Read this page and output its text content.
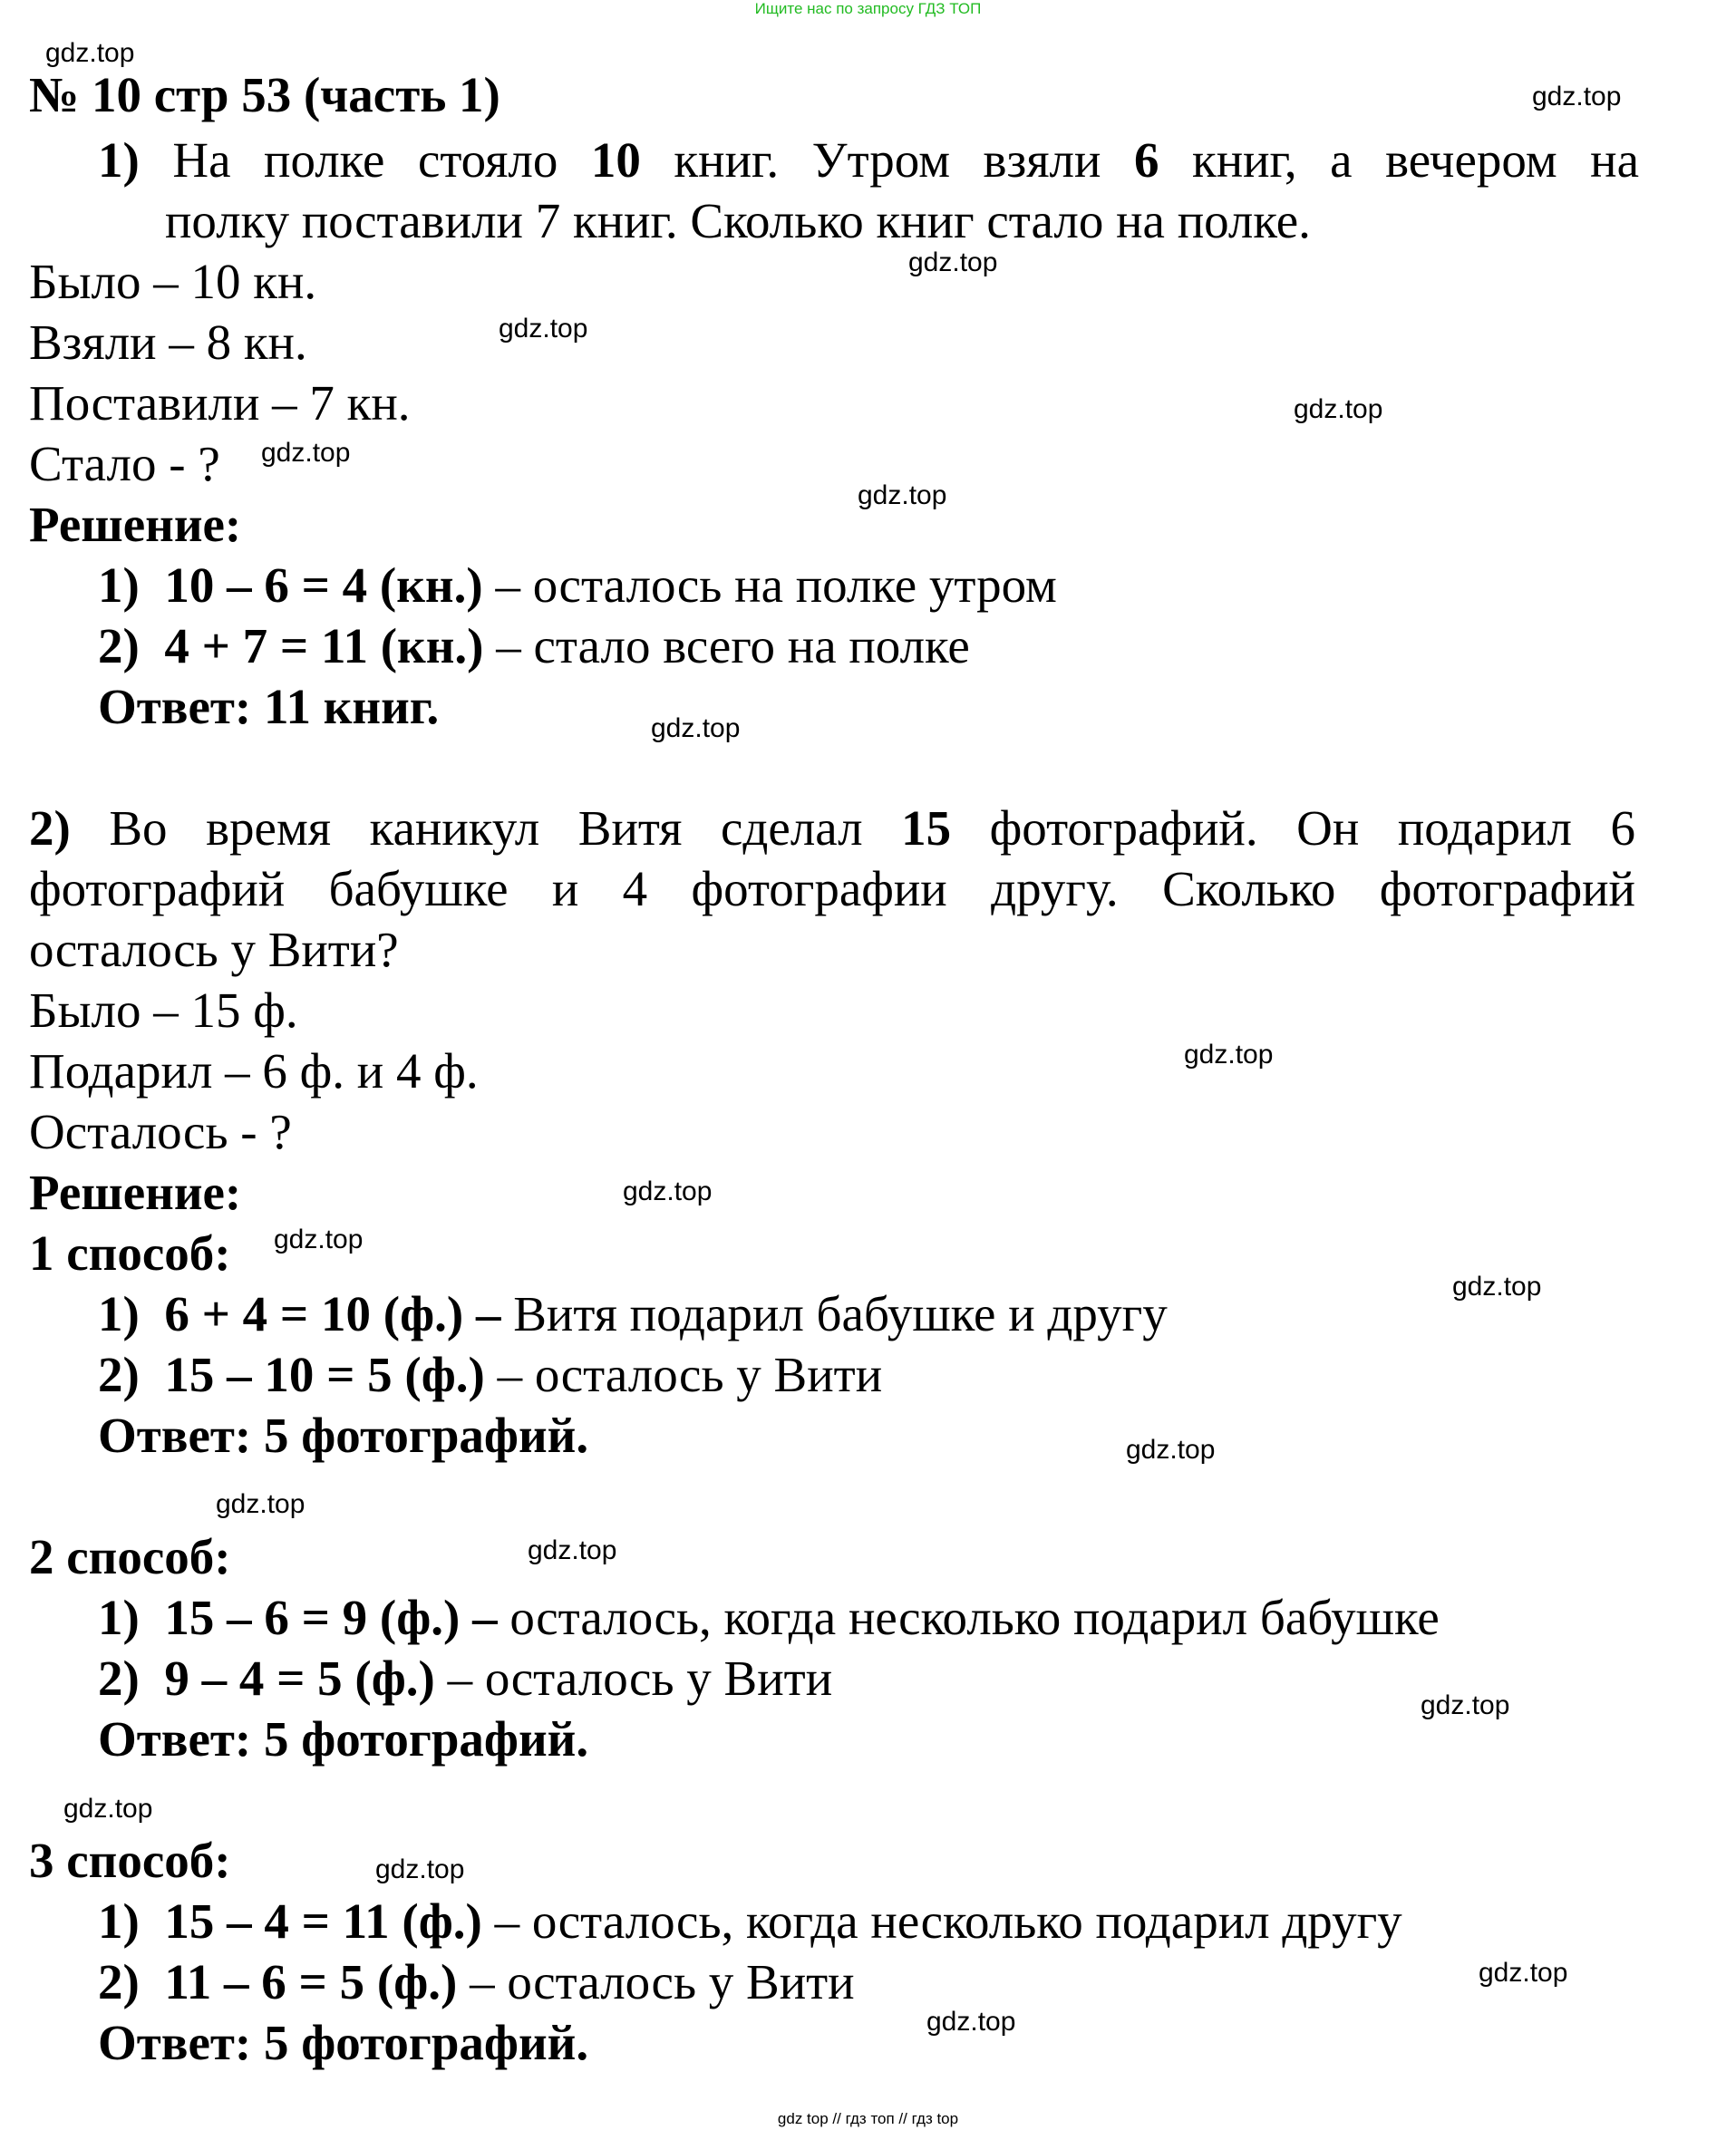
Ищите нас по запросу ГДЗ ТОП
№ 10 стр 53 (часть 1)
1) На полке стояло 10 книг. Утром взяли 6 книг, а вечером на
полку поставили 7 книг. Сколько книг стало на полке.
Было – 10 кн.
Взяли – 8 кн.
Поставили – 7 кн.
Стало - ?
Решение:
1) 10 – 6 = 4 (кн.) – осталось на полке утром
2) 4 + 7 = 11 (кн.) – стало всего на полке
Ответ: 11 книг.
2) Во время каникул Витя сделал 15 фотографий. Он подарил 6
фотографий бабушке и 4 фотографии другу. Сколько фотографий
осталось у Вити?
Было – 15 ф.
Подарил – 6 ф. и 4 ф.
Осталось - ?
Решение:
1 способ:
1) 6 + 4 = 10 (ф.) – Витя подарил бабушке и другу
2) 15 – 10 = 5 (ф.) – осталось у Вити
Ответ: 5 фотографий.
2 способ:
1) 15 – 6 = 9 (ф.) – осталось, когда несколько подарил бабушке
2) 9 – 4 = 5 (ф.) – осталось у Вити
Ответ: 5 фотографий.
3 способ:
1) 15 – 4 = 11 (ф.) – осталось, когда несколько подарил другу
2) 11 – 6 = 5 (ф.) – осталось у Вити
Ответ: 5 фотографий.
gdz.top
gdz.top
gdz.top
gdz.top
gdz.top
gdz.top
gdz.top
gdz.top
gdz.top
gdz.top
gdz.top
gdz.top
gdz.top
gdz.top
gdz.top
gdz.top
gdz.top
gdz.top
gdz.top
gdz.top
gdz top // гдз топ // гдз top
